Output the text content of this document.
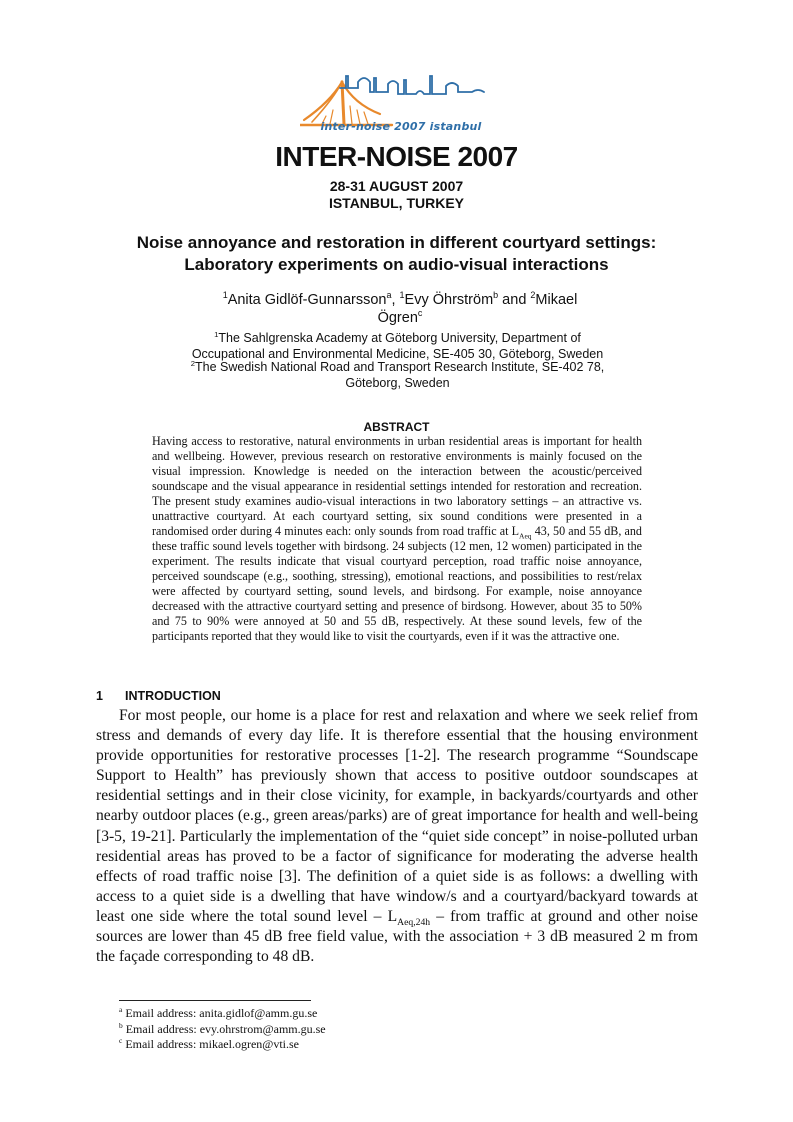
inter-noise 2007 istanbul
INTER-NOISE 2007
28-31 AUGUST 2007
ISTANBUL, TURKEY
Noise annoyance and restoration in different courtyard settings:
Laboratory experiments on audio-visual interactions
$^1$Anita Gidlöf-Gunnarsson$^a$, $^1$Evy Öhrström$^b$ and $^2$Mikael
Ögren$^c$
$^1$The Sahlgrenska Academy at Göteborg University, Department of
Occupational and Environmental Medicine, SE-405 30, Göteborg, Sweden
$^2$The Swedish National Road and Transport Research Institute, SE-402 78,
Göteborg, Sweden
ABSTRACT

Having access to restorative, natural environments in urban residential areas is important for health and wellbeing. However, previous research on restorative environments is mainly focused on the visual impression. Knowledge is needed on the interaction between the acoustic/perceived soundscape and the visual appearance in residential settings intended for restoration and recreation. The present study examines audio-visual interactions in two laboratory settings – an attractive vs. unattractive courtyard. At each courtyard setting, six sound conditions were presented in a randomised order during 4 minutes each: only sounds from road traffic at $L_{Aeq}$ 43, 50 and 55 dB, and these traffic sound levels together with birdsong. 24 subjects (12 men, 12 women) participated in the experiment. The results indicate that visual courtyard perception, road traffic noise annoyance, perceived soundscape (e.g., soothing, stressing), emotional reactions, and possibilities to rest/relax were affected by courtyard setting, sound levels, and birdsong. For example, noise annoyance decreased with the attractive courtyard setting and presence of birdsong. However, about 35 to 50% and 75 to 90% were annoyed at 50 and 55 dB, respectively. At these sound levels, few of the participants reported that they would like to visit the courtyards, even if it was the attractive one.

1 INTRODUCTION

For most people, our home is a place for rest and relaxation and where we seek relief from stress and demands of every day life. It is therefore essential that the housing environment provide opportunities for restorative processes [1-2]. The research programme “Soundscape Support to Health” has previously shown that access to positive outdoor soundscapes at residential settings and in their close vicinity, for example, in backyards/courtyards and other nearby outdoor places (e.g., green areas/parks) are of great importance for health and well-being [3-5, 19-21]. Particularly the implementation of the “quiet side concept” in noise-polluted urban residential areas has proved to be a factor of significance for moderating the adverse health effects of road traffic noise [3]. The definition of a quiet side is as follows: a dwelling with access to a quiet side is a dwelling that have window/s and a courtyard/backyard towards at least one side where the total sound level – $L_{Aeq,24h}$ – from traffic at ground and other noise sources are lower than 45 dB free field value, with the association + 3 dB measured 2 m from the façade corresponding to 48 dB.

$^a$ Email address: anita.gidlof@amm.gu.se
$^b$ Email address: evy.ohrstrom@amm.gu.se
$^c$ Email address: mikael.ogren@vti.se
